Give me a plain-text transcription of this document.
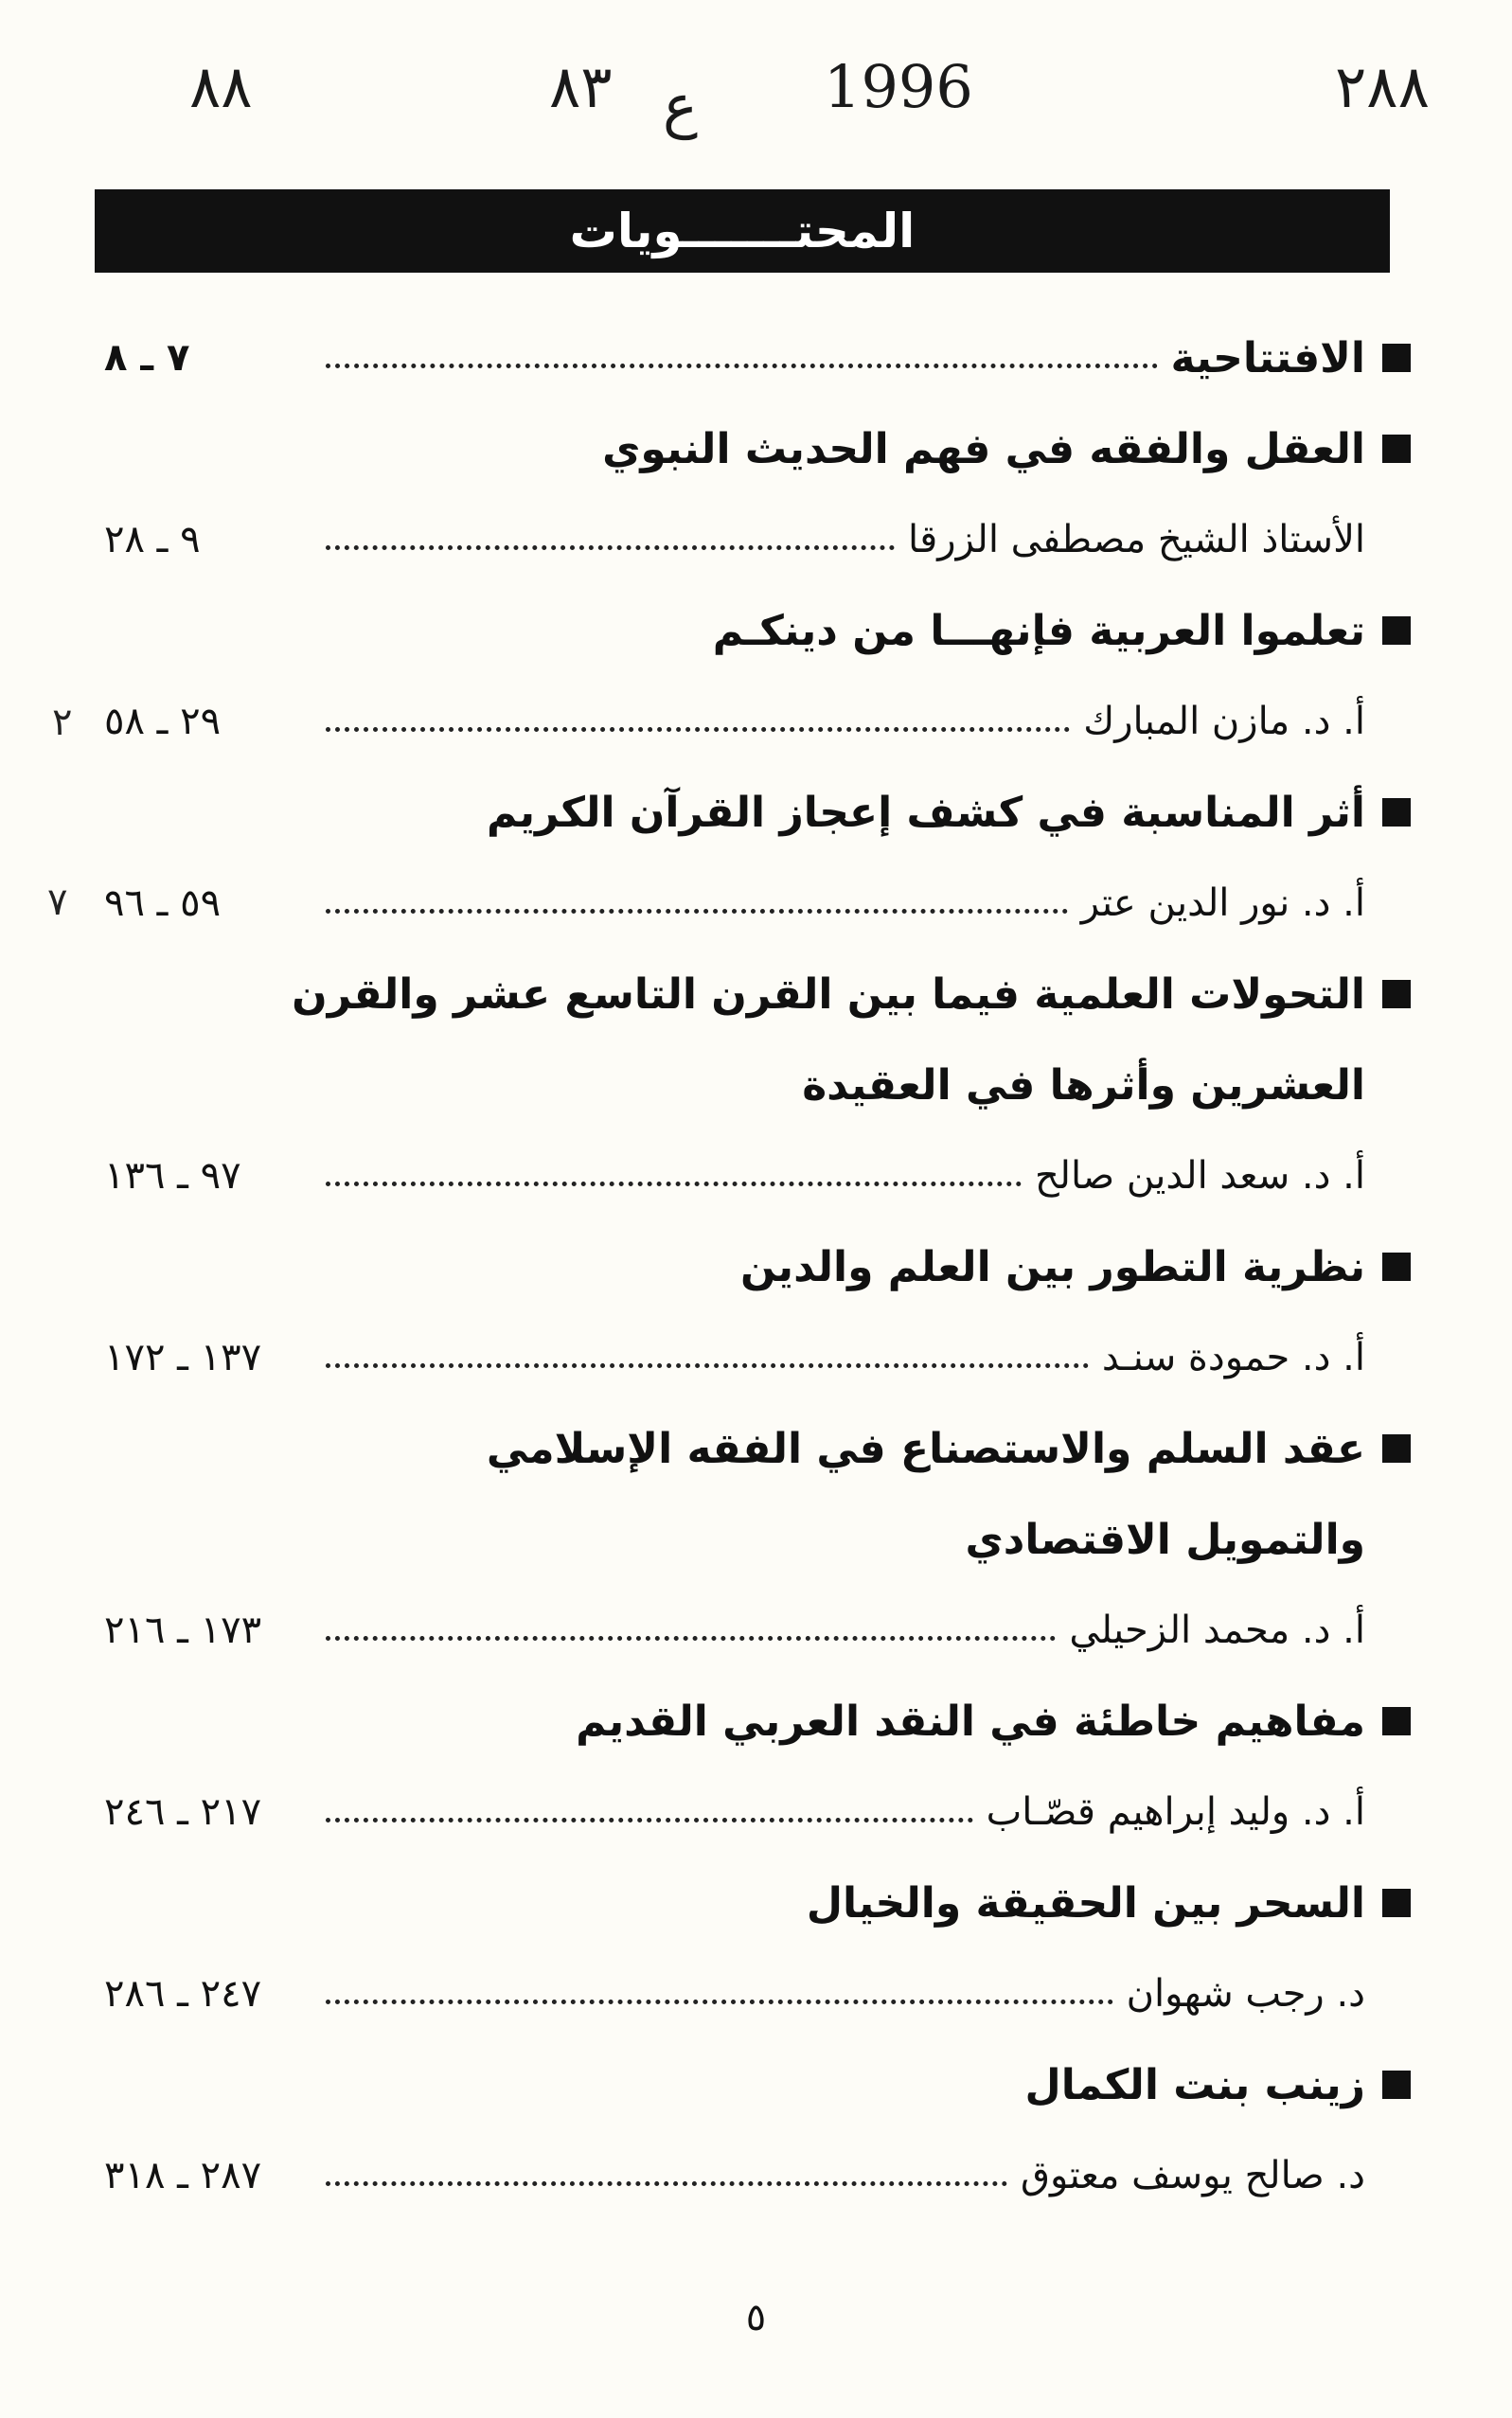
٨٨	٨٣ ع 1996	٢٨٨
المحتـــــــويات
الافتتاحية
٧ ـ ٨
العقل والفقه في فهم الحديث النبوي
الأستاذ الشيخ مصطفى الزرقا
٩ ـ ٢٨
تعلموا العربية فإنهـــا من دينكـم
أ. د. مازن المبارك
٢٩ ـ ٥٨
أثر المناسبة في كشف إعجاز القرآن الكريم
أ. د. نور الدين عتر
٥٩ ـ ٩٦
التحولات العلمية فيما بين القرن التاسع عشر والقرن
العشرين وأثرها في العقيدة
أ. د. سعد الدين صالح
٩٧ ـ ١٣٦
نظرية التطور بين العلم والدين
أ. د. حمودة سنـد
١٣٧ ـ ١٧٢
عقد السلم والاستصناع في الفقه الإسلامي
والتمويل الاقتصادي
أ. د. محمد الزحيلي
١٧٣ ـ ٢١٦
مفاهيم خاطئة في النقد العربي القديم
أ. د. وليد إبراهيم قصّـاب
٢١٧ ـ ٢٤٦
السحر بين الحقيقة والخيال
د. رجب شهوان
٢٤٧ ـ ٢٨٦
زينب بنت الكمال
د. صالح يوسف معتوق
٢٨٧ ـ ٣١٨
٢
٧
٥
